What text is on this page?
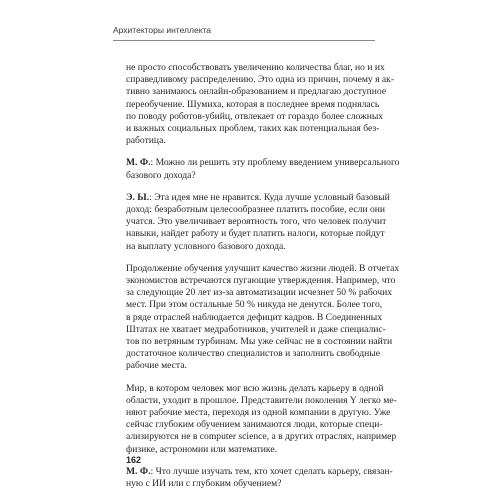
Архитекторы интеллекта

не просто способствовать увеличению количества благ, но и их
справедливому распределению. Это одна из причин, почему я ак-
тивно занимаюсь онлайн-образованием и предлагаю доступное
переобучение. Шумиха, которая в последнее время поднялась
по поводу роботов-убийц, отвлекает от гораздо более сложных
и важных социальных проблем, таких как потенциальная без-
работица.

М. Ф.: Можно ли решить эту проблему введением универсального
базового дохода?

Э. Ы.: Эта идея мне не нравится. Куда лучше условный базовый
доход: безработным целесообразнее платить пособие, если они
учатся. Это увеличивает вероятность того, что человек получит
навыки, найдет работу и будет платить налоги, которые пойдут
на выплату условного базового дохода.

Продолжение обучения улучшит качество жизни людей. В отчетах
экономистов встречаются пугающие утверждения. Например, что
за следующие 20 лет из-за автоматизации исчезнет 50 % рабочих
мест. При этом остальные 50 % никуда не денутся. Более того,
в ряде отраслей наблюдается дефицит кадров. В Соединенных
Штатах не хватает медработников, учителей и даже специалис-
тов по ветряным турбинам. Мы уже сейчас не в состоянии найти
достаточное количество специалистов и заполнить свободные
рабочие места.

Мир, в котором человек мог всю жизнь делать карьеру в одной
области, уходит в прошлое. Представители поколения Y легко ме-
няют рабочие места, переходя из одной компании в другую. Уже
сейчас глубоким обучением занимаются люди, которые специ-
ализируются не в computer science, а в других отраслях, например
физике, астрономии или математике.

М. Ф.: Что лучше изучать тем, кто хочет сделать карьеру, связан-
ную с ИИ или с глубоким обучением?

162
